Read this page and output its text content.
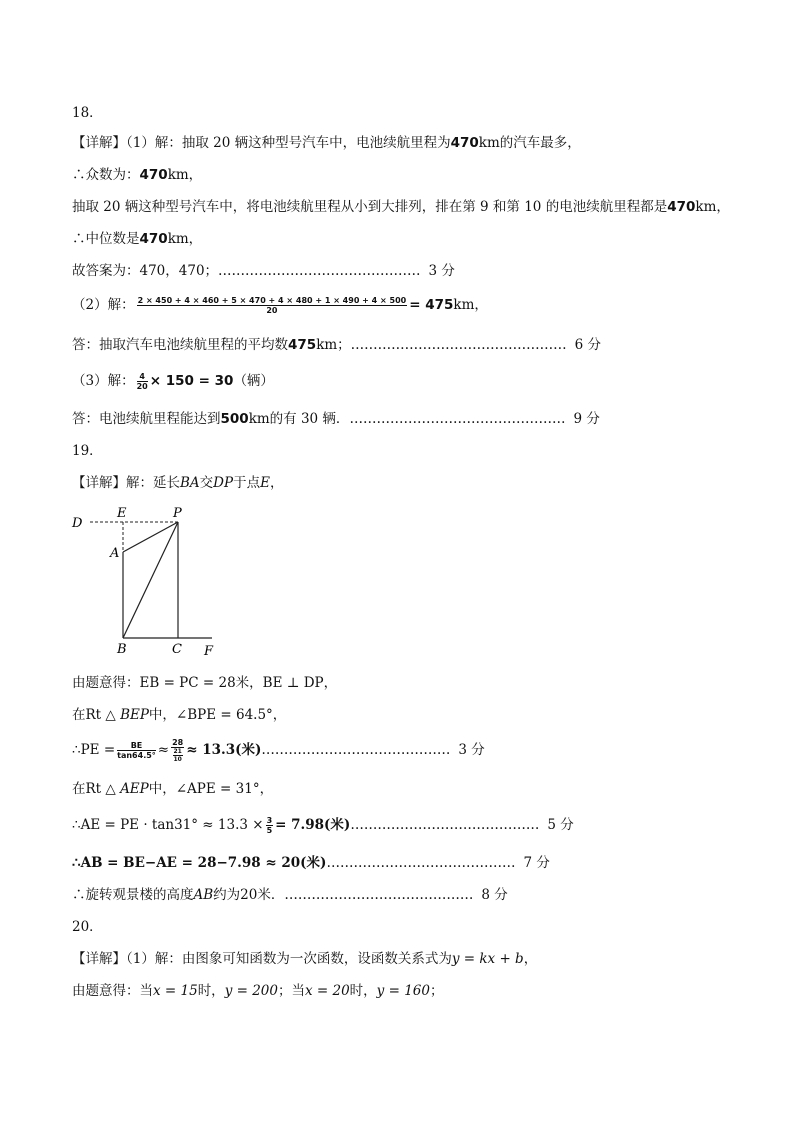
18．
【详解】（1）解：抽取 20 辆这种型号汽车中，电池续航里程为470km的汽车最多，
∴众数为：470km，
抽取 20 辆这种型号汽车中，将电池续航里程从小到大排列，排在第 9 和第 10 的电池续航里程都是470km，
∴中位数是470km，
故答案为：470，470；……………………………………… 3 分
（2）解： $\frac{2 \times 450 + 4 \times 460 + 5 \times 470 + 4 \times 480 + 1 \times 490 + 4 \times 500}{20} = 475km$，
答：抽取汽车电池续航里程的平均数475km；………………………………………… 6 分
（3）解： $\frac{4}{20} \times 150 = 30$（辆）
答：电池续航里程能达到500km的有 30 辆．………………………………………… 9 分
19．
【详解】解：延长BA交DP于点E，
D
E	P
A
B	C F
由题意得：EB = PC = 28米，BE ⊥ DP，
在Rt △ BEP中，∠BPE = 64.5°，
∴PE = $\frac{BE}{\tan 64.5^\circ} \approx \frac{28}{\frac{21}{10}} \approx 13.3$(米)…………………………………… 3 分
在Rt △ AEP中，∠APE = 31°，
∴AE = PE · $\tan 31^\circ \approx 13.3 \times \frac{3}{5} = 7.98$(米)…………………………………… 5 分
∴AB = BE−AE = 28−7.98 ≈ 20(米)…………………………………… 7 分
∴旋转观景楼的高度AB约为20米．…………………………………… 8 分
20．
【详解】（1）解：由图象可知函数为一次函数，设函数关系式为y = kx + b，
由题意得：当x = 15时，y = 200；当x = 20时，y = 160；
